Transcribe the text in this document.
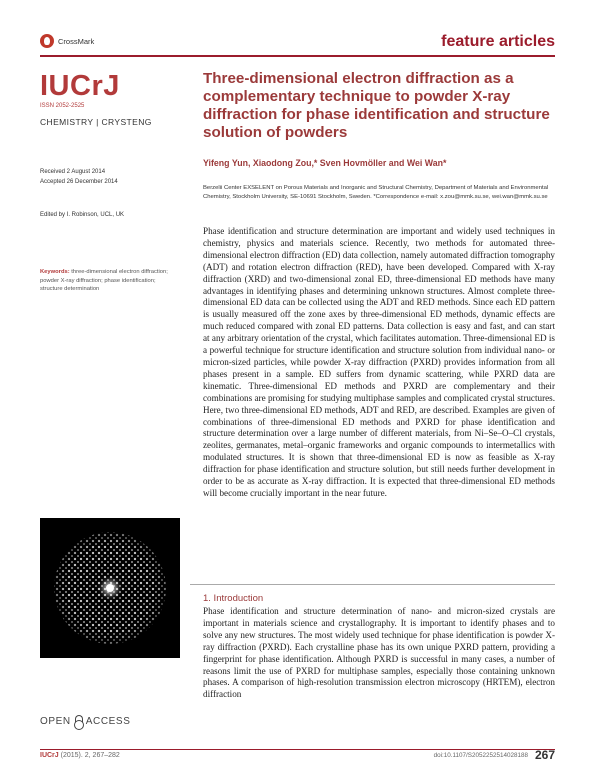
CrossMark	feature articles
IUCrJ
ISSN 2052-2525
CHEMISTRY | CRYSTENG
Received 2 August 2014
Accepted 26 December 2014
Edited by I. Robinson, UCL, UK
Keywords: three-dimensional electron diffraction; powder X-ray diffraction; phase identification; structure determination
OPEN ACCESS
Three-dimensional electron diffraction as a complementary technique to powder X-ray diffraction for phase identification and structure solution of powders
Yifeng Yun, Xiaodong Zou,* Sven Hovmöller and Wei Wan*
Berzelii Center EXSELENT on Porous Materials and Inorganic and Structural Chemistry, Department of Materials and Environmental Chemistry, Stockholm University, SE-10691 Stockholm, Sweden. *Correspondence e-mail: x.zou@mmk.su.se, wei.wan@mmk.su.se

Phase identification and structure determination are important and widely used techniques in chemistry, physics and materials science. Recently, two methods for automated three-dimensional electron diffraction (ED) data collection, namely automated diffraction tomography (ADT) and rotation electron diffraction (RED), have been developed. Compared with X-ray diffraction (XRD) and two-dimensional zonal ED, three-dimensional ED methods have many advantages in identifying phases and determining unknown structures. Almost complete three-dimensional ED data can be collected using the ADT and RED methods. Since each ED pattern is usually measured off the zone axes by three-dimensional ED methods, dynamic effects are much reduced compared with zonal ED patterns. Data collection is easy and fast, and can start at any arbitrary orientation of the crystal, which facilitates automation. Three-dimensional ED is a powerful technique for structure identification and structure solution from individual nano- or micron-sized particles, while powder X-ray diffraction (PXRD) provides information from all phases present in a sample. ED suffers from dynamic scattering, while PXRD data are kinematic. Three-dimensional ED methods and PXRD are complementary and their combinations are promising for studying multiphase samples and complicated crystal structures. Here, two three-dimensional ED methods, ADT and RED, are described. Examples are given of combinations of three-dimensional ED methods and PXRD for phase identification and structure determination over a large number of different materials, from Ni–Se–O–Cl crystals, zeolites, germanates, metal–organic frameworks and organic compounds to intermetallics with modulated structures. It is shown that three-dimensional ED is now as feasible as X-ray diffraction for phase identification and structure solution, but still needs further development in order to be as accurate as X-ray diffraction. It is expected that three-dimensional ED methods will become crucially important in the near future.

1. Introduction

Phase identification and structure determination of nano- and micron-sized crystals are important in materials science and crystallography. It is important to identify phases and to solve any new structures. The most widely used technique for phase identification is powder X-ray diffraction (PXRD). Each crystalline phase has its own unique PXRD pattern, providing a fingerprint for phase identification. Although PXRD is successful in many cases, a number of reasons limit the use of PXRD for multiphase samples, especially those containing unknown phases. A comparison of high-resolution transmission electron microscopy (HRTEM), electron diffraction

IUCrJ (2015). 2, 267–282	doi:10.1107/S2052252514028188 267
